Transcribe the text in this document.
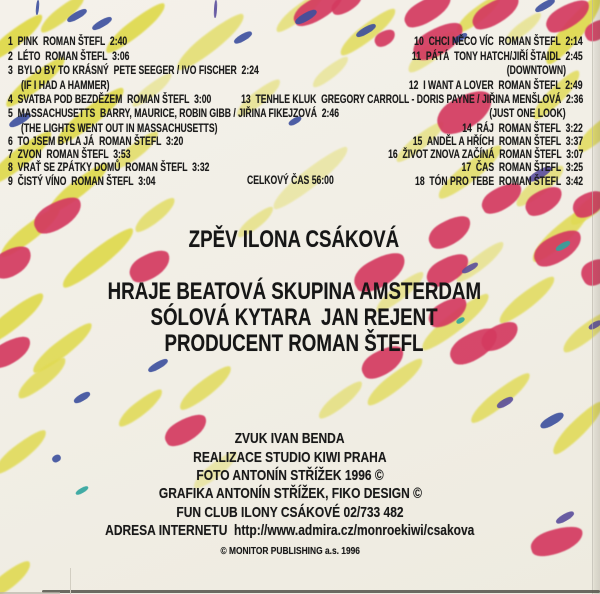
1  PINK  ROMAN ŠTEFL  2:40
2  LÉTO  ROMAN ŠTEFL  3:06
3  BYLO BY TO KRÁSNÝ  PETE SEEGER / IVO FISCHER  2:24
(IF I HAD A HAMMER)
4  SVATBA POD BEZDĚZEM  ROMAN ŠTEFL  3:00
5  MASSACHUSETTS  BARRY, MAURICE, ROBIN GIBB / JIŘINA FIKEJZOVÁ  2:46
(THE LIGHTS WENT OUT IN MASSACHUSETTS)
6  TO JSEM BYLA JÁ  ROMAN ŠTEFL  3:20
7  ZVON  ROMAN ŠTEFL  3:53
8  VRAŤ SE ZPÁTKY DOMŮ  ROMAN ŠTEFL  3:32
9  ČISTÝ VÍNO  ROMAN ŠTEFL  3:04
10  CHCI NĚCO VÍC  ROMAN ŠTEFL  2:14
11  PÁTÁ  TONY HATCH/JIŘÍ ŠTAIDL  2:45
(DOWNTOWN)
12  I WANT A LOVER  ROMAN ŠTEFL  2:49
13  TENHLE KLUK  GREGORY CARROLL - DORIS PAYNE / JIŘINA MENŠLOVÁ  2:36
(JUST ONE LOOK)
14  RÁJ  ROMAN ŠTEFL  3:22
15  ANDĚL A HŘÍCH  ROMAN ŠTEFL  3:37
16  ŽIVOT ZNOVA ZAČÍNÁ  ROMAN ŠTEFL  3:07
17  ČAS  ROMAN ŠTEFL  3:25
18  TÓN PRO TEBE  ROMAN ŠTEFL  3:42
CELKOVÝ ČAS 56:00
ZPĚV ILONA CSÁKOVÁ
HRAJE BEATOVÁ SKUPINA AMSTERDAM
SÓLOVÁ KYTARA  JAN REJENT
PRODUCENT ROMAN ŠTEFL
ZVUK IVAN BENDA
REALIZACE STUDIO KIWI PRAHA
FOTO ANTONÍN STŘÍŽEK 1996 ©
GRAFIKA ANTONÍN STŘÍŽEK, FIKO DESIGN ©
FUN CLUB ILONY CSÁKOVÉ 02/733 482
ADRESA INTERNETU  http://www.admira.cz/monroekiwi/csakova
© MONITOR PUBLISHING a.s. 1996
